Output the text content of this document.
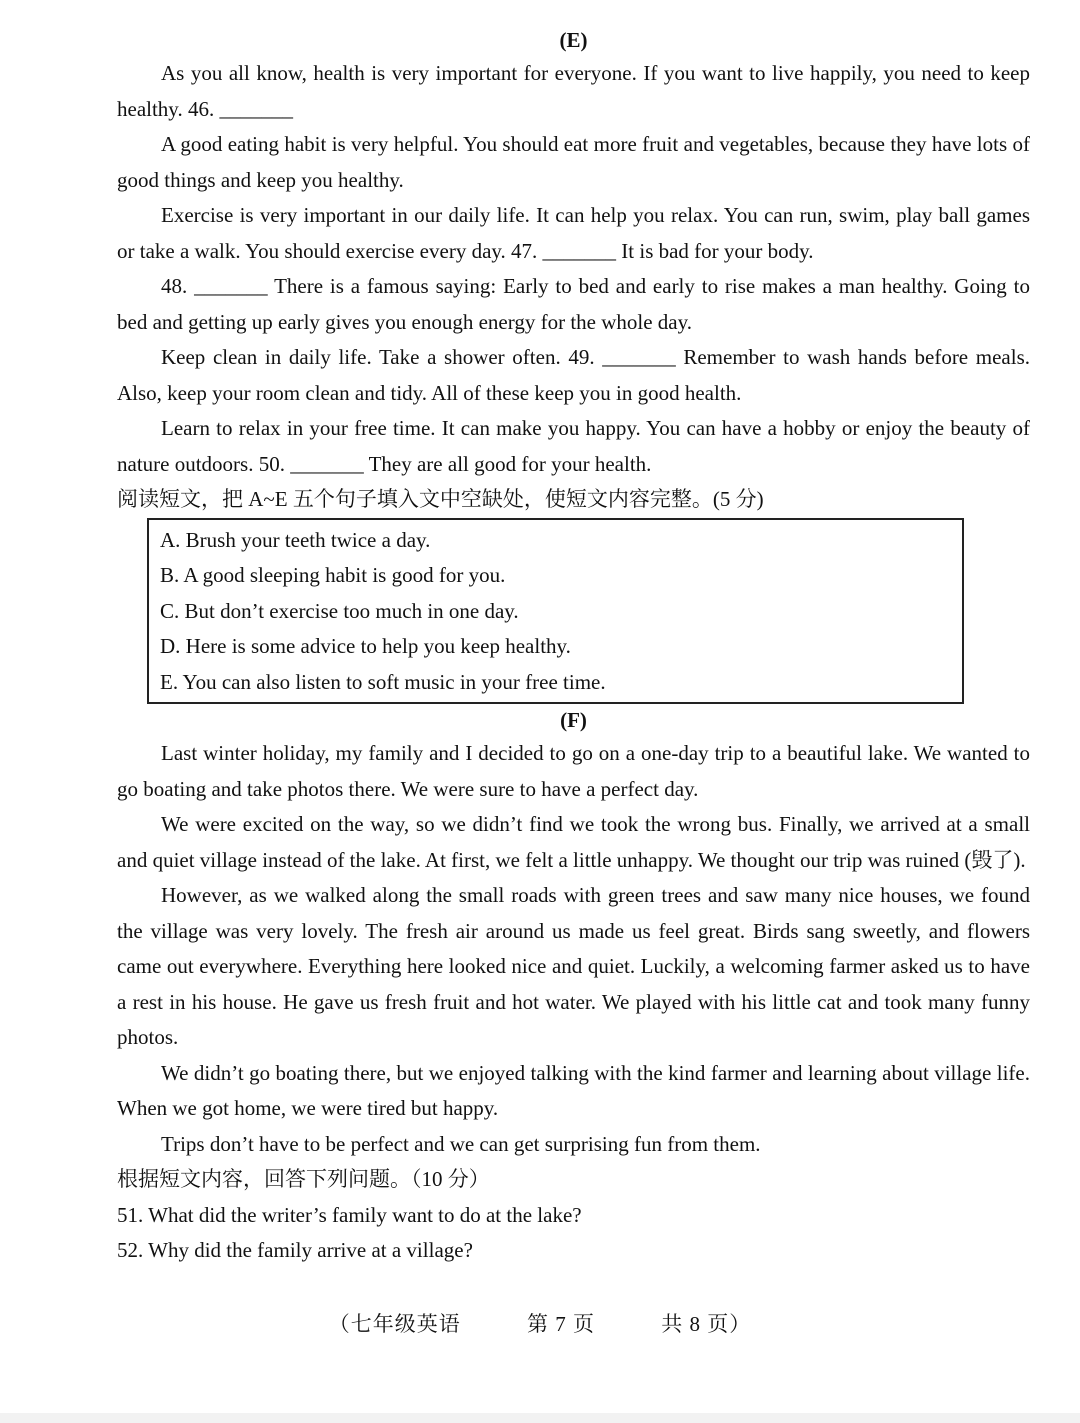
(E)

As you all know, health is very important for everyone. If you want to live happily, you need to keep healthy. 46. _______

A good eating habit is very helpful. You should eat more fruit and vegetables, because they have lots of good things and keep you healthy.

Exercise is very important in our daily life. It can help you relax. You can run, swim, play ball games or take a walk. You should exercise every day. 47. _______ It is bad for your body.

48. _______ There is a famous saying: Early to bed and early to rise makes a man healthy. Going to bed and getting up early gives you enough energy for the whole day.

Keep clean in daily life. Take a shower often. 49. _______ Remember to wash hands before meals. Also, keep your room clean and tidy. All of these keep you in good health.

Learn to relax in your free time. It can make you happy. You can have a hobby or enjoy the beauty of nature outdoors. 50. _______ They are all good for your health.

阅读短文，把 A~E 五个句子填入文中空缺处，使短文内容完整。(5 分)

A. Brush your teeth twice a day.
B. A good sleeping habit is good for you.
C. But don’t exercise too much in one day.
D. Here is some advice to help you keep healthy.
E. You can also listen to soft music in your free time.
(F)

Last winter holiday, my family and I decided to go on a one-day trip to a beautiful lake. We wanted to go boating and take photos there. We were sure to have a perfect day.

We were excited on the way, so we didn’t find we took the wrong bus. Finally, we arrived at a small and quiet village instead of the lake. At first, we felt a little unhappy. We thought our trip was ruined (毁了).

However, as we walked along the small roads with green trees and saw many nice houses, we found the village was very lovely. The fresh air around us made us feel great. Birds sang sweetly, and flowers came out everywhere. Everything here looked nice and quiet. Luckily, a welcoming farmer asked us to have a rest in his house. He gave us fresh fruit and hot water. We played with his little cat and took many funny photos.

We didn’t go boating there, but we enjoyed talking with the kind farmer and learning about village life. When we got home, we were tired but happy.

Trips don’t have to be perfect and we can get surprising fun from them.

根据短文内容，回答下列问题。（10 分）

51. What did the writer’s family want to do at the lake?

52. Why did the family arrive at a village?

（七年级英语	第 7 页	共 8 页）
